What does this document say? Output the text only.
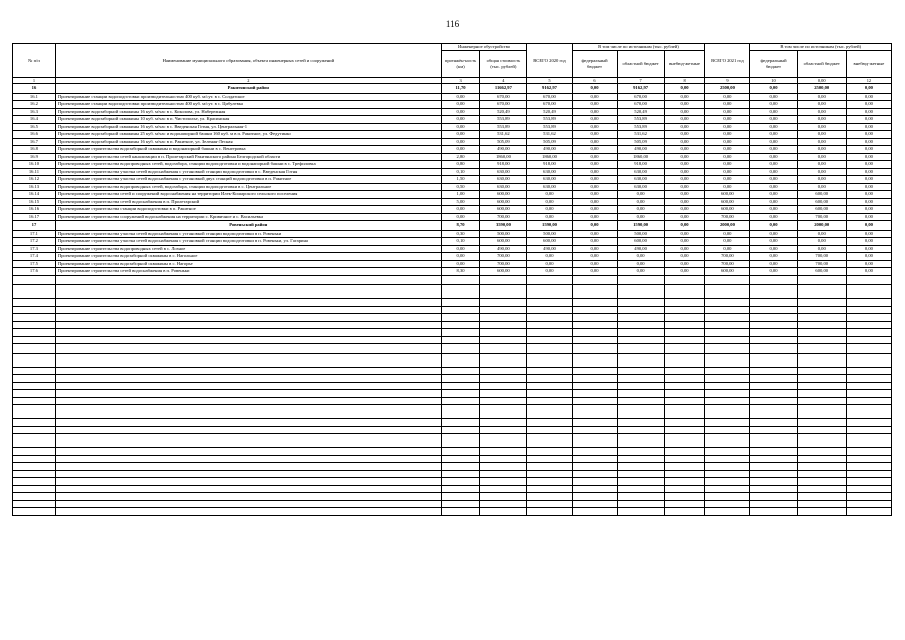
116
№ п/п	Наименование муниципального образования, объекта инженерных сетей и сооружений	Инженерное обустройство		ВСЕГО 2020 год	В том числе по источникам (тыс. рублей)			ВСЕГО 2021 год	В том числе по источникам (тыс. рублей)		
		протяжён-ность (км)	общая стоимость (тыс. рублей)		федеральный бюджет	областной бюджет	внебюд-жетные		федеральный бюджет	областной бюджет	внебюд-жетные
1	2	3	4	5	6	7	8	9	10	0,00	12
16	Ракитянский район	11,70	11662,97	9162,97	0,00	9162,97	0,00	2500,00	0,00	2500,00	0,00
16.1	Проектирование станции водоподготовки производительностью 400 куб. м/сут. в с. Солдатское	0,00	670,00	670,00	0,00	670,00	0,00	0,00	0,00	0,00	0,00
16.2	Проектирование станции водоподготовки производительностью 400 куб. м/сут. в с. Цибулевка	0,00	670,00	670,00	0,00	670,00	0,00	0,00	0,00	0,00	0,00
16.3	Проектирование водозаборной скважины 16 куб. м/час в с. Коколова, ул. Набережная	0,00	520,49	520,49	0,00	520,49	0,00	0,00	0,00	0,00	0,00
16.4	Проектирование водозаборной скважины 10 куб. м/час в п. Чистополье, ул. Красинская	0,00	553,89	553,89	0,00	553,89	0,00	0,00	0,00	0,00	0,00
16.5	Проектирование водозаборной скважины 16 куб. м/час в с. Введенская Готня, ул. Центральная-1	0,00	553,89	553,89	0,00	553,89	0,00	0,00	0,00	0,00	0,00
16.6	Проектирование водозаборной скважины 25 куб. м/час и водонапорной башни 160 куб. м в п. Ракитное, ул. Федутинко	0,00	531,62	531,62	0,00	531,62	0,00	0,00	0,00	0,00	0,00
16.7	Проектирование водозаборной скважины 16 куб. м/час в п. Ракитное, ул. Зеленая-Лесная	0,00	505,09	505,09	0,00	505,09	0,00	0,00	0,00	0,00	0,00
16.8	Проектирование строительства водозаборной скважины и водонапорной башни в с. Венгеровка	0,00	490,00	490,00	0,00	490,00	0,00	0,00	0,00	0,00	0,00
16.9	Проектирование строительства сетей канализации в п. Пролетарский Ракитянского района Белгородской области	2,80	1860,00	1860,00	0,00	1860,00	0,00	0,00	0,00	0,00	0,00
16.10	Проектирование строительства водопроводных сетей, водозабора, станции водоподготовки и водонапорной башни в с. Трефиловка	0,80	918,00	918,00	0,00	918,00	0,00	0,00	0,00	0,00	0,00
16.11	Проектирование строительства участка сетей водоснабжения с установкой станции водоподготовки в с. Введенская Готня	0,10	630,00	630,00	0,00	630,00	0,00	0,00	0,00	0,00	0,00
16.12	Проектирование строительства участка сетей водоснабжения с установкой двух станций водоподготовки в п. Ракитное	1,50	630,00	630,00	0,00	630,00	0,00	0,00	0,00	0,00	0,00
16.13	Проектирование строительства водопроводных сетей, водозабора, станции водоподготовки в с. Центральное	0,50	630,00	630,00	0,00	630,00	0,00	0,00	0,00	0,00	0,00
16.14	Проектирование строительства сетей и сооружений водоснабжения на территории Илек-Кошарского сельского поселения	1,00	600,00	0,00	0,00	0,00	0,00	600,00	0,00	600,00	0,00
16.15	Проектирование строительства сетей водоснабжения в п. Пролетарский	5,00	600,00	0,00	0,00	0,00	0,00	600,00	0,00	600,00	0,00
16.16	Проектирование строительства станции водоподготовки в п. Ракитное	0,00	600,00	0,00	0,00	0,00	0,00	600,00	0,00	600,00	0,00
16.17	Проектирование строительства сооружений водоснабжения на территории с. Кривичное и с. Васильевка	0,00	700,00	0,00	0,00	0,00	0,00	700,00	0,00	700,00	0,00
17	Ровеньский район	8,70	3590,00	1590,00	0,00	1590,00	0,00	2000,00	0,00	2000,00	0,00
17.1	Проектирование строительства участка сетей водоснабжения с установкой станции водоподготовки в п. Ровеньки	0,30	500,00	500,00	0,00	500,00	0,00	0,00	0,00	0,00	0,00
17.2	Проектирование строительства участка сетей водоснабжения с установкой станции водоподготовки в п. Ровеньки, ул. Гагарина	0,10	600,00	600,00	0,00	600,00	0,00	0,00	0,00	0,00	0,00
17.3	Проектирование строительства водопроводных сетей в с. Лозное	0,00	490,00	490,00	0,00	490,00	0,00	0,00	0,00	0,00	0,00
17.4	Проектирование строительства водозаборной скважины в с. Нагольное	0,00	700,00	0,00	0,00	0,00	0,00	700,00	0,00	700,00	0,00
17.5	Проектирование строительства водозаборной скважины в с. Нагорье	0,00	700,00	0,00	0,00	0,00	0,00	700,00	0,00	700,00	0,00
17.6	Проектирование строительства сетей водоснабжения в п. Ровеньки	8,30	600,00	0,00	0,00	0,00	0,00	600,00	0,00	600,00	0,00
